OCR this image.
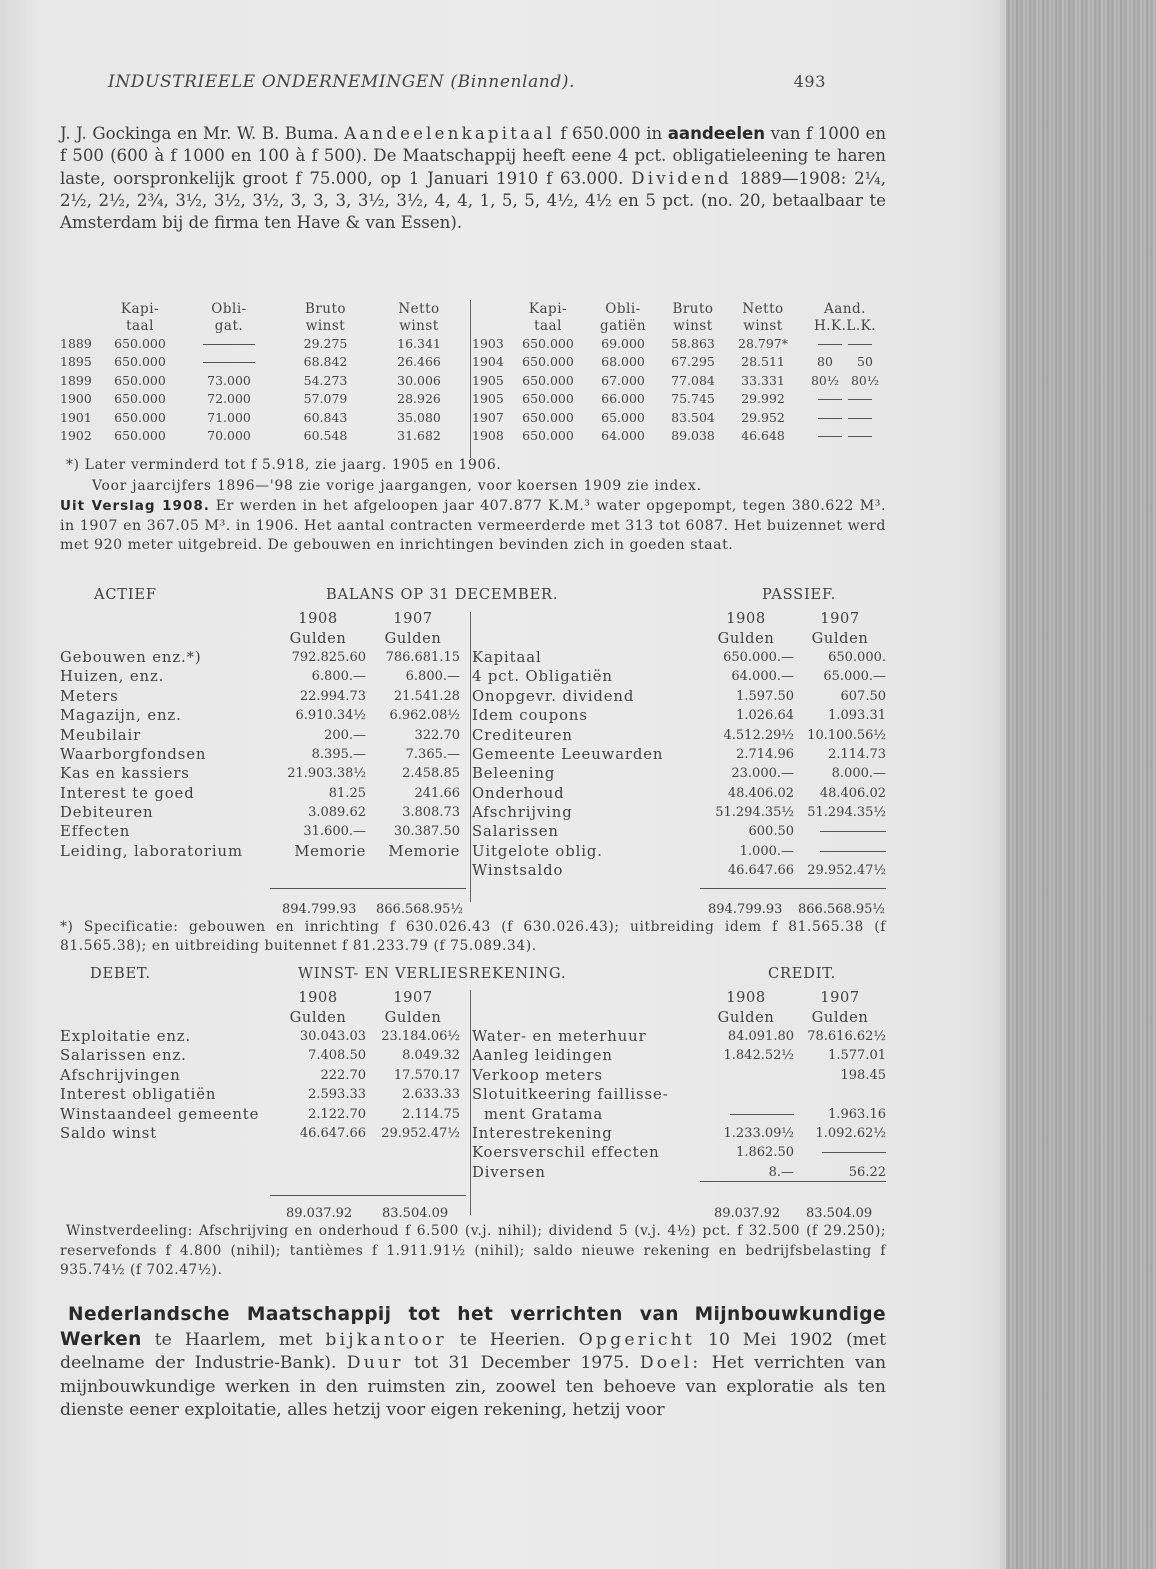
INDUSTRIEELE ONDERNEMINGEN (Binnenland).	493

J. J. Gockinga en Mr. W. B. Buma. Aandeelenkapitaal f 650.000 in aandeelen van f 1000 en f 500 (600 à f 1000 en 100 à f 500). De Maatschappij heeft eene 4 pct. obligatieleening te haren laste, oorspronkelijk groot f 75.000, op 1 Januari 1910 f 63.000. Dividend 1889—1908: 2¼, 2½, 2½, 2¾, 3½, 3½, 3½, 3, 3, 3, 3½, 3½, 4, 4, 1, 5, 5, 4½, 4½ en 5 pct. (no. 20, betaalbaar te Amsterdam bij de firma ten Have & van Essen).

	Kapi-	Obli-	Bruto	Netto
	taal	gat.	winst	winst
1889	650.000		29.275	16.341
1895	650.000		68.842	26.466
1899	650.000	73.000	54.273	30.006
1900	650.000	72.000	57.079	28.926
1901	650.000	71.000	60.843	35.080
1902	650.000	70.000	60.548	31.682
	Kapi-	Obli-	Bruto	Netto	Aand.
	taal	gatiën	winst	winst	H.K.L.K.
1903	650.000	69.000	58.863	28.797*	
1904	650.000	68.000	67.295	28.511	80 50
1905	650.000	67.000	77.084	33.331	80½ 80½
1905	650.000	66.000	75.745	29.992	
1907	650.000	65.000	83.504	29.952	
1908	650.000	64.000	89.038	46.648	
*) Later verminderd tot f 5.918, zie jaarg. 1905 en 1906.
Voor jaarcijfers 1896—'98 zie vorige jaargangen, voor koersen 1909 zie index.

Uit Verslag 1908. Er werden in het afgeloopen jaar 407.877 K.M.³ water opgepompt, tegen 380.622 M³. in 1907 en 367.05 M³. in 1906. Het aantal contracten vermeerderde met 313 tot 6087. Het buizennet werd met 920 meter uitgebreid. De gebouwen en inrichtingen bevinden zich in goeden staat.

ACTIEF	BALANS OP 31 DECEMBER.	PASSIEF.
	1908	1907
	Gulden	Gulden
Gebouwen enz.*)	792.825.60	786.681.15
Huizen, enz.	6.800.—	6.800.—
Meters	22.994.73	21.541.28
Magazijn, enz.	6.910.34½	6.962.08½
Meubilair	200.—	322.70
Waarborgfondsen	8.395.—	7.365.—
Kas en kassiers	21.903.38½	2.458.85
Interest te goed	81.25	241.66
Debiteuren	3.089.62	3.808.73
Effecten	31.600.—	30.387.50
Leiding, laboratorium	Memorie	Memorie
	1908	1907
	Gulden	Gulden
Kapitaal	650.000.—	650.000.
4 pct. Obligatiën	64.000.—	65.000.—
Onopgevr. dividend	1.597.50	607.50
Idem coupons	1.026.64	1.093.31
Crediteuren	4.512.29½	10.100.56½
Gemeente Leeuwarden	2.714.96	2.114.73
Beleening	23.000.—	8.000.—
Onderhoud	48.406.02	48.406.02
Afschrijving	51.294.35½	51.294.35½
Salarissen	600.50	
Uitgelote oblig.	1.000.—	
Winstsaldo	46.647.66	29.952.47½
894.799.93 866.568.95½	894.799.93 866.568.95½

*) Specificatie: gebouwen en inrichting f 630.026.43 (f 630.026.43); uitbreiding idem f 81.565.38 (f 81.565.38); en uitbreiding buitennet f 81.233.79 (f 75.089.34).

DEBET.	WINST- EN VERLIESREKENING.	CREDIT.
	1908	1907
	Gulden	Gulden
Exploitatie enz.	30.043.03	23.184.06½
Salarissen enz.	7.408.50	8.049.32
Afschrijvingen	222.70	17.570.17
Interest obligatiën	2.593.33	2.633.33
Winstaandeel gemeente	2.122.70	2.114.75
Saldo winst	46.647.66	29.952.47½
	1908	1907
	Gulden	Gulden
Water- en meterhuur	84.091.80	78.616.62½
Aanleg leidingen	1.842.52½	1.577.01
Verkoop meters		198.45
Slotuitkeering faillisse-		
ment Gratama		1.963.16
Interestrekening	1.233.09½	1.092.62½
Koersverschil effecten	1.862.50	
Diversen	8.—	56.22
89.037.92 83.504.09	89.037.92 83.504.09

Winstverdeeling: Afschrijving en onderhoud f 6.500 (v.j. nihil); dividend 5 (v.j. 4½) pct. f 32.500 (f 29.250); reservefonds f 4.800 (nihil); tantièmes f 1.911.91½ (nihil); saldo nieuwe rekening en bedrijfsbelasting f 935.74½ (f 702.47½).

Nederlandsche Maatschappij tot het verrichten van Mijnbouwkundige Werken te Haarlem, met bijkantoor te Heerien. Opgericht 10 Mei 1902 (met deelname der Industrie-Bank). Duur tot 31 December 1975. Doel: Het verrichten van mijnbouwkundige werken in den ruimsten zin, zoowel ten behoeve van exploratie als ten dienste eener exploitatie, alles hetzij voor eigen rekening, hetzij voor
